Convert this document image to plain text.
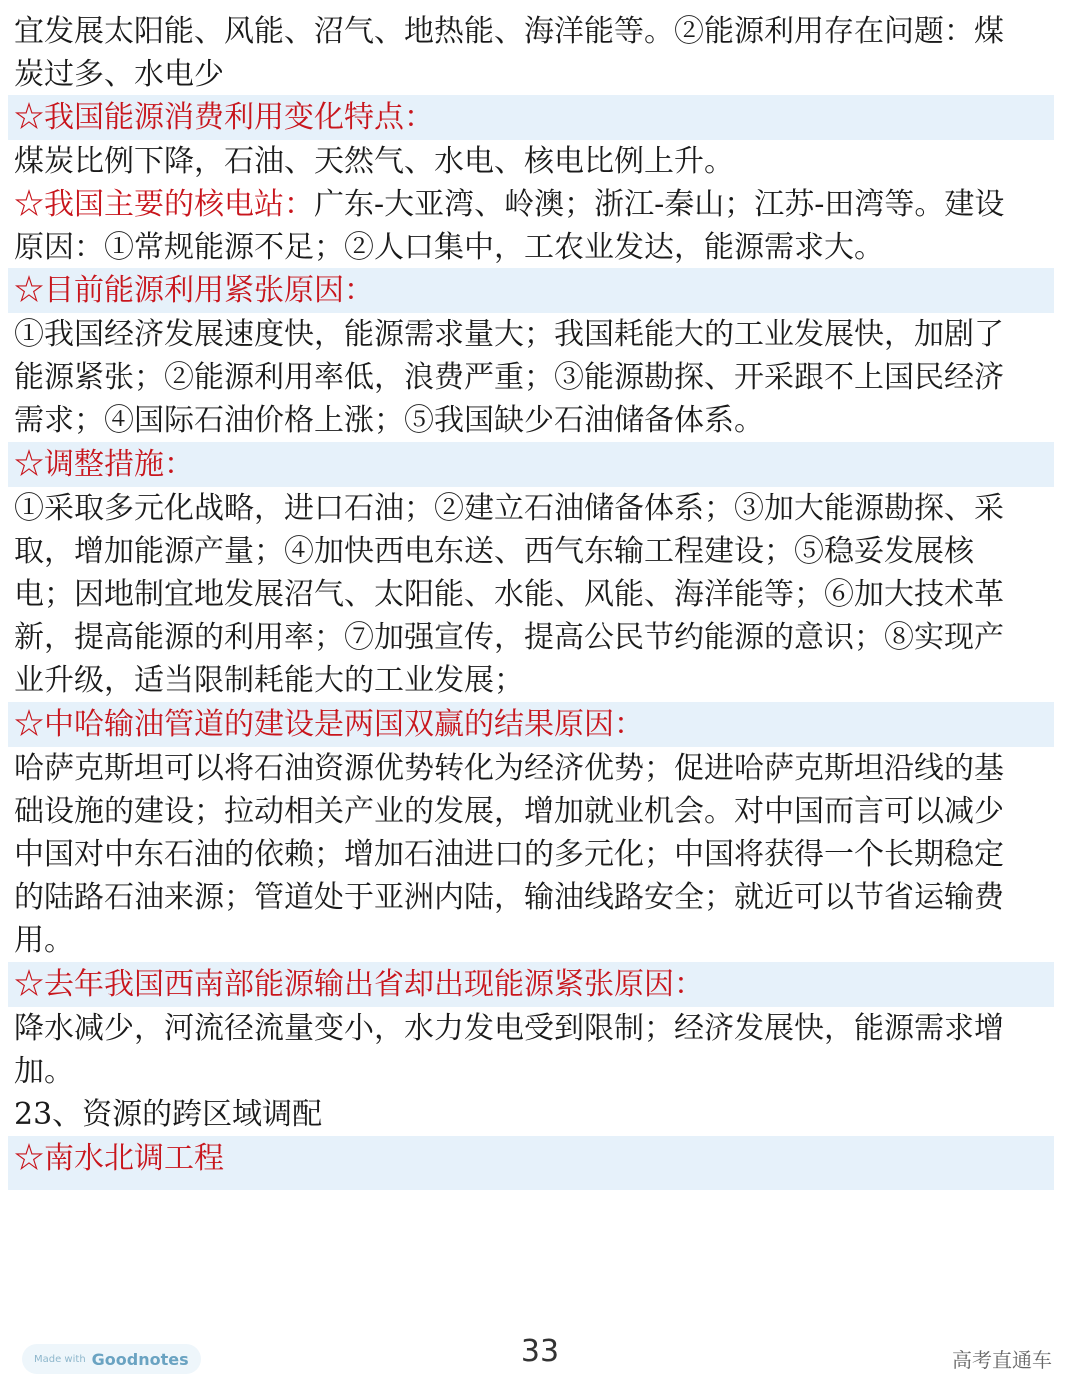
宜发展太阳能、风能、沼气、地热能、海洋能等。②能源利用存在问题：煤
炭过多、水电少
☆我国能源消费利用变化特点：
煤炭比例下降，石油、天然气、水电、核电比例上升。
☆我国主要的核电站：广东-大亚湾、岭澳；浙江-秦山；江苏-田湾等。建设
原因：①常规能源不足；②人口集中，工农业发达，能源需求大。
☆目前能源利用紧张原因：
①我国经济发展速度快，能源需求量大；我国耗能大的工业发展快，加剧了
能源紧张；②能源利用率低，浪费严重；③能源勘探、开采跟不上国民经济
需求；④国际石油价格上涨；⑤我国缺少石油储备体系。
☆调整措施：
①采取多元化战略，进口石油；②建立石油储备体系；③加大能源勘探、采
取，增加能源产量；④加快西电东送、西气东输工程建设；⑤稳妥发展核
电；因地制宜地发展沼气、太阳能、水能、风能、海洋能等；⑥加大技术革
新，提高能源的利用率；⑦加强宣传，提高公民节约能源的意识；⑧实现产
业升级，适当限制耗能大的工业发展；
☆中哈输油管道的建设是两国双赢的结果原因：
哈萨克斯坦可以将石油资源优势转化为经济优势；促进哈萨克斯坦沿线的基
础设施的建设；拉动相关产业的发展，增加就业机会。对中国而言可以减少
中国对中东石油的依赖；增加石油进口的多元化；中国将获得一个长期稳定
的陆路石油来源；管道处于亚洲内陆，输油线路安全；就近可以节省运输费
用。
☆去年我国西南部能源输出省却出现能源紧张原因：
降水减少，河流径流量变小，水力发电受到限制；经济发展快，能源需求增
加。
23、资源的跨区域调配
☆南水北调工程
Made with Goodnotes	33	高考直通车
